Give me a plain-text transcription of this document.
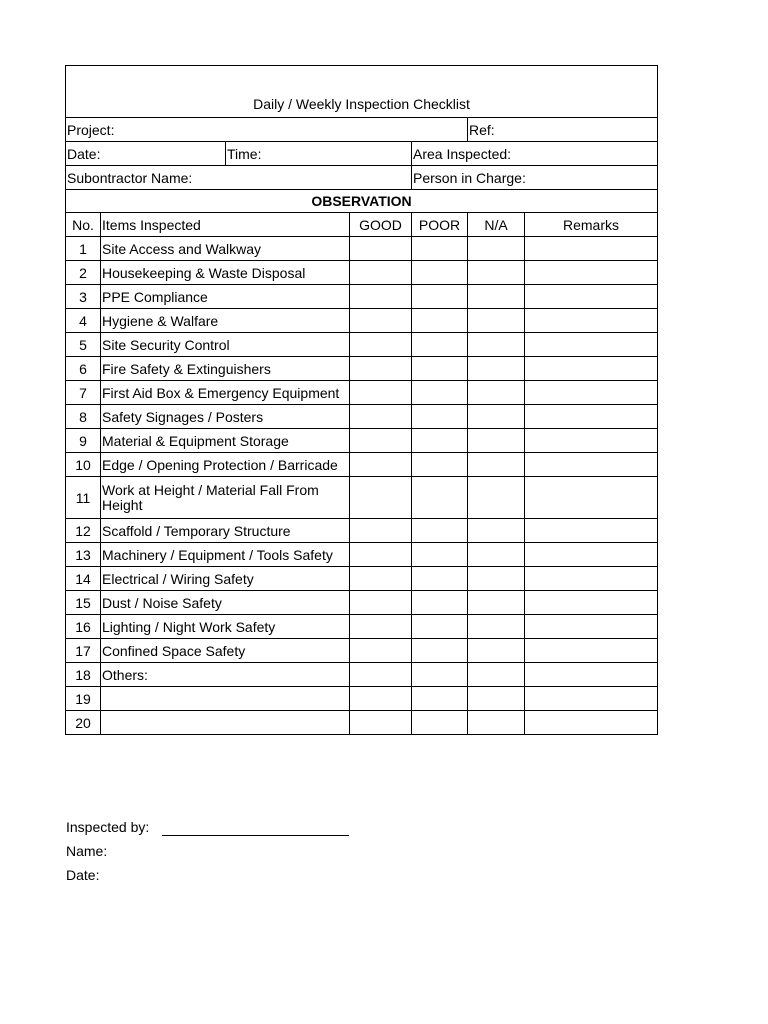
Daily / Weekly Inspection Checklist
Project:	Ref:
Date:	Time:	Area Inspected:
Subontractor Name:	Person in Charge:
OBSERVATION
No. Items Inspected	GOOD	POOR	N/A	Remarks
1	Site Access and Walkway
2	Housekeeping & Waste Disposal
3	PPE Compliance
4	Hygiene & Walfare
5	Site Security Control
6	Fire Safety & Extinguishers
7	First Aid Box & Emergency Equipment
8	Safety Signages / Posters
9	Material & Equipment Storage
10 Edge / Opening Protection / Barricade
11 Work at Height / Material Fall From Height
12 Scaffold / Temporary Structure
13 Machinery / Equipment / Tools Safety
14 Electrical / Wiring Safety
15 Dust / Noise Safety
16 Lighting / Night Work Safety
17 Confined Space Safety
18 Others:
19
20
Inspected by:
Name:
Date:
